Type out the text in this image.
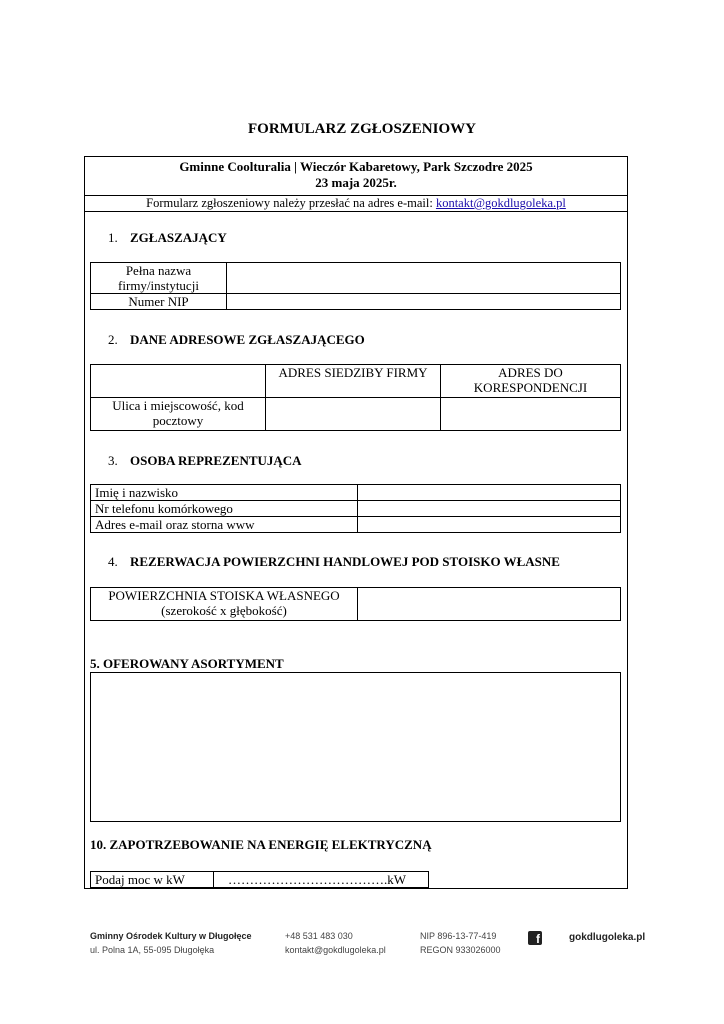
FORMULARZ ZGŁOSZENIOWY
Gminne Coolturalia | Wieczór Kabaretowy, Park Szczodre 2025
23 maja 2025r.
Formularz zgłoszeniowy należy przesłać na adres e-mail: kontakt@gokdlugoleka.pl
1. ZGŁASZAJĄCY
Pełna nazwa firmy/instytucji	
Numer NIP	
2. DANE ADRESOWE ZGŁASZAJĄCEGO
	ADRES SIEDZIBY FIRMY	ADRES DO KORESPONDENCJI
Ulica i miejscowość, kod pocztowy		
3. OSOBA REPREZENTUJĄCA
Imię i nazwisko	
Nr telefonu komórkowego	
Adres e-mail oraz storna www	
4. REZERWACJA POWIERZCHNI HANDLOWEJ POD STOISKO WŁASNE
POWIERZCHNIA STOISKA WŁASNEGO (szerokość x głębokość)	
5. OFEROWANY ASORTYMENT
10. ZAPOTRZEBOWANIE NA ENERGIĘ ELEKTRYCZNĄ
Podaj moc w kW	……………………………….kW
Gminny Ośrodek Kultury w Długołęce
ul. Polna 1A, 55-095 Długołęka
+48 531 483 030
kontakt@gokdlugoleka.pl
NIP 896-13-77-419
REGON 933026000
f	gokdlugoleka.pl
